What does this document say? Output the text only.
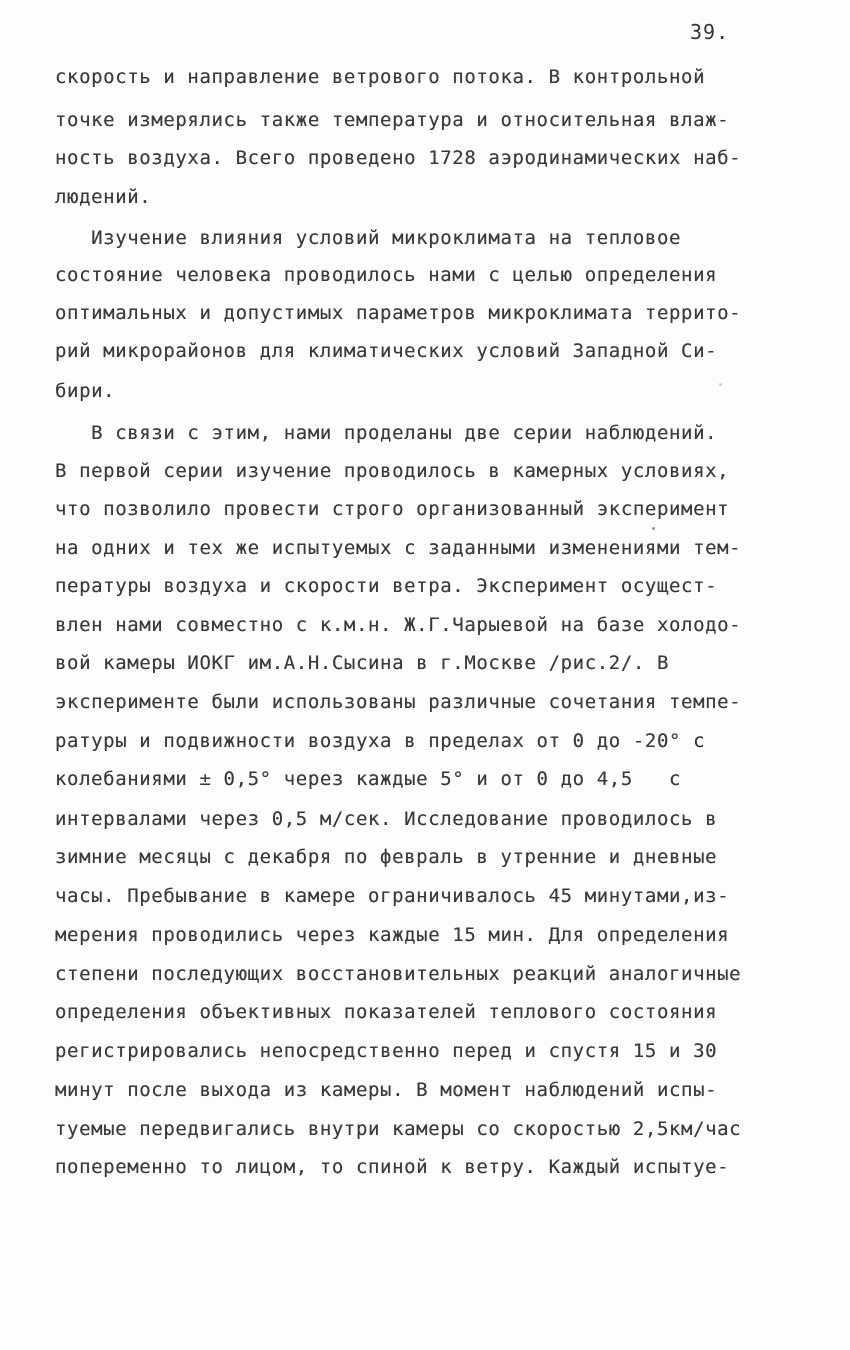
39.
скорость и направление ветрового потока. В контрольной
точке измерялись также температура и относительная влаж-
ность воздуха. Всего проведено 1728 аэродинамических наб-
людений.
Изучение влияния условий микроклимата на тепловое
состояние человека проводилось нами с целью определения
оптимальных и допустимых параметров микроклимата террито-
рий микрорайонов для климатических условий Западной Си-
бири.
В связи с этим, нами проделаны две серии наблюдений.
В первой серии изучение проводилось в камерных условиях,
что позволило провести строго организованный эксперимент
на одних и тех же испытуемых с заданными изменениями тем-
пературы воздуха и скорости ветра. Эксперимент осущест-
влен нами совместно с к.м.н. Ж.Г.Чарыевой на базе холодо-
вой камеры ИОКГ им.А.Н.Сысина в г.Москве /рис.2/. В
эксперименте были использованы различные сочетания темпе-
ратуры и подвижности воздуха в пределах от 0 до -20° с
колебаниями ± 0,5° через каждые 5° и от 0 до 4,5   с
интервалами через 0,5 м/сек. Исследование проводилось в
зимние месяцы с декабря по февраль в утренние и дневные
часы. Пребывание в камере ограничивалось 45 минутами,из-
мерения проводились через каждые 15 мин. Для определения
степени последующих восстановительных реакций аналогичные
определения объективных показателей теплового состояния
регистрировались непосредственно перед и спустя 15 и 30
минут после выхода из камеры. В момент наблюдений испы-
туемые передвигались внутри камеры со скоростью 2,5км/час
попеременно то лицом, то спиной к ветру. Каждый испытуе-
